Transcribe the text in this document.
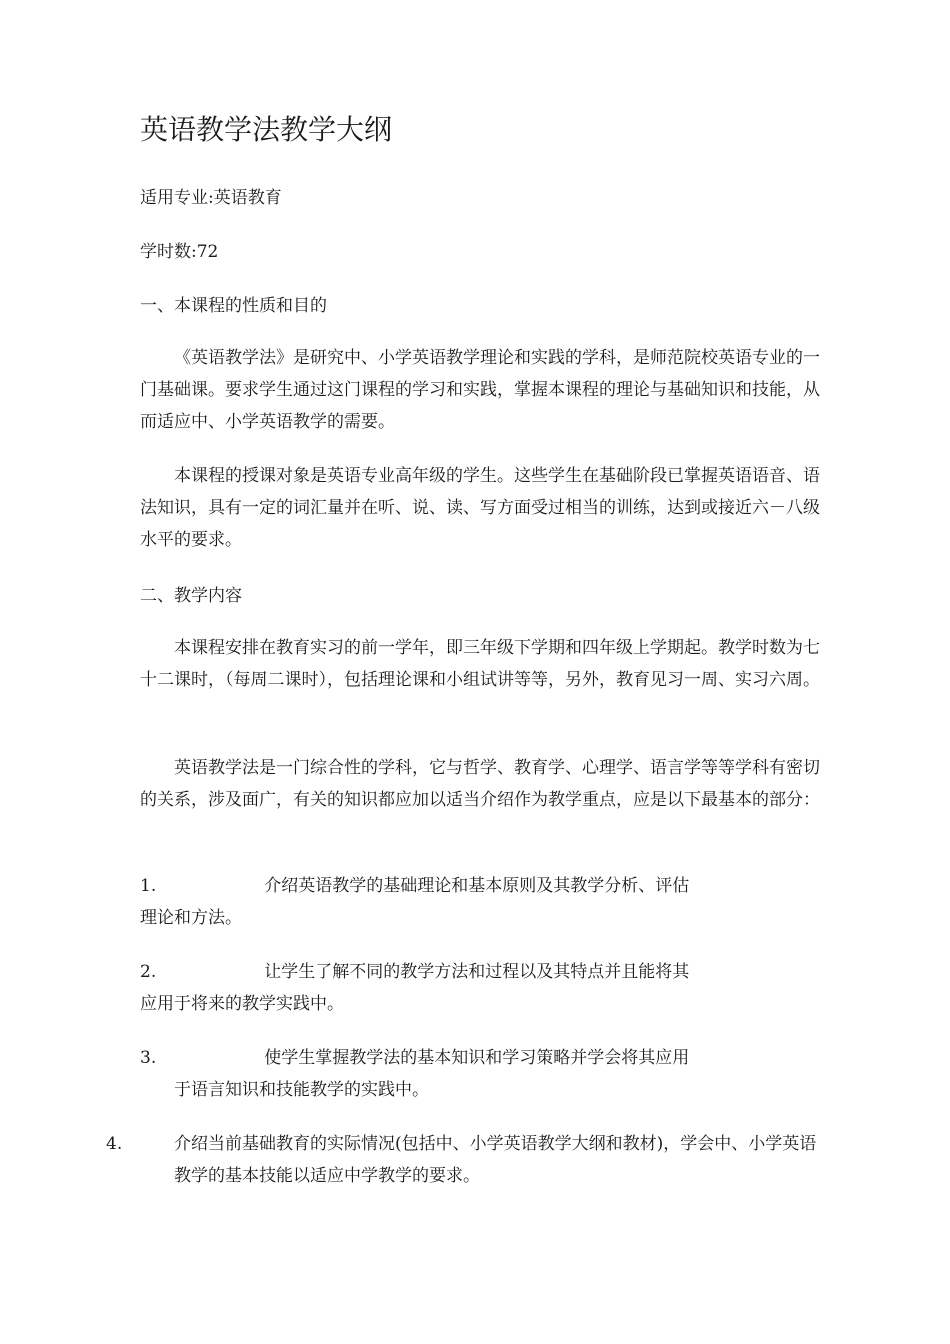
英语教学法教学大纲

适用专业:英语教育

学时数:72

一、本课程的性质和目的

《英语教学法》是研究中、小学英语教学理论和实践的学科，是师范院校英语专业的一门基础课。要求学生通过这门课程的学习和实践，掌握本课程的理论与基础知识和技能，从而适应中、小学英语教学的需要。

本课程的授课对象是英语专业高年级的学生。这些学生在基础阶段已掌握英语语音、语法知识，具有一定的词汇量并在听、说、读、写方面受过相当的训练，达到或接近六－八级水平的要求。

二、教学内容

本课程安排在教育实习的前一学年，即三年级下学期和四年级上学期起。教学时数为七十二课时，（每周二课时），包括理论课和小组试讲等等，另外，教育见习一周、实习六周。

英语教学法是一门综合性的学科，它与哲学、教育学、心理学、语言学等等学科有密切的关系，涉及面广，有关的知识都应加以适当介绍作为教学重点，应是以下最基本的部分：

1.	介绍英语教学的基础理论和基本原则及其教学分析、评估
理论和方法。
2.	让学生了解不同的教学方法和过程以及其特点并且能将其
应用于将来的教学实践中。
3.	使学生掌握教学法的基本知识和学习策略并学会将其应用
于语言知识和技能教学的实践中。
4.	介绍当前基础教育的实际情况(包括中、小学英语教学大纲和教材)，学会中、小学英语教学的基本技能以适应中学教学的要求。
